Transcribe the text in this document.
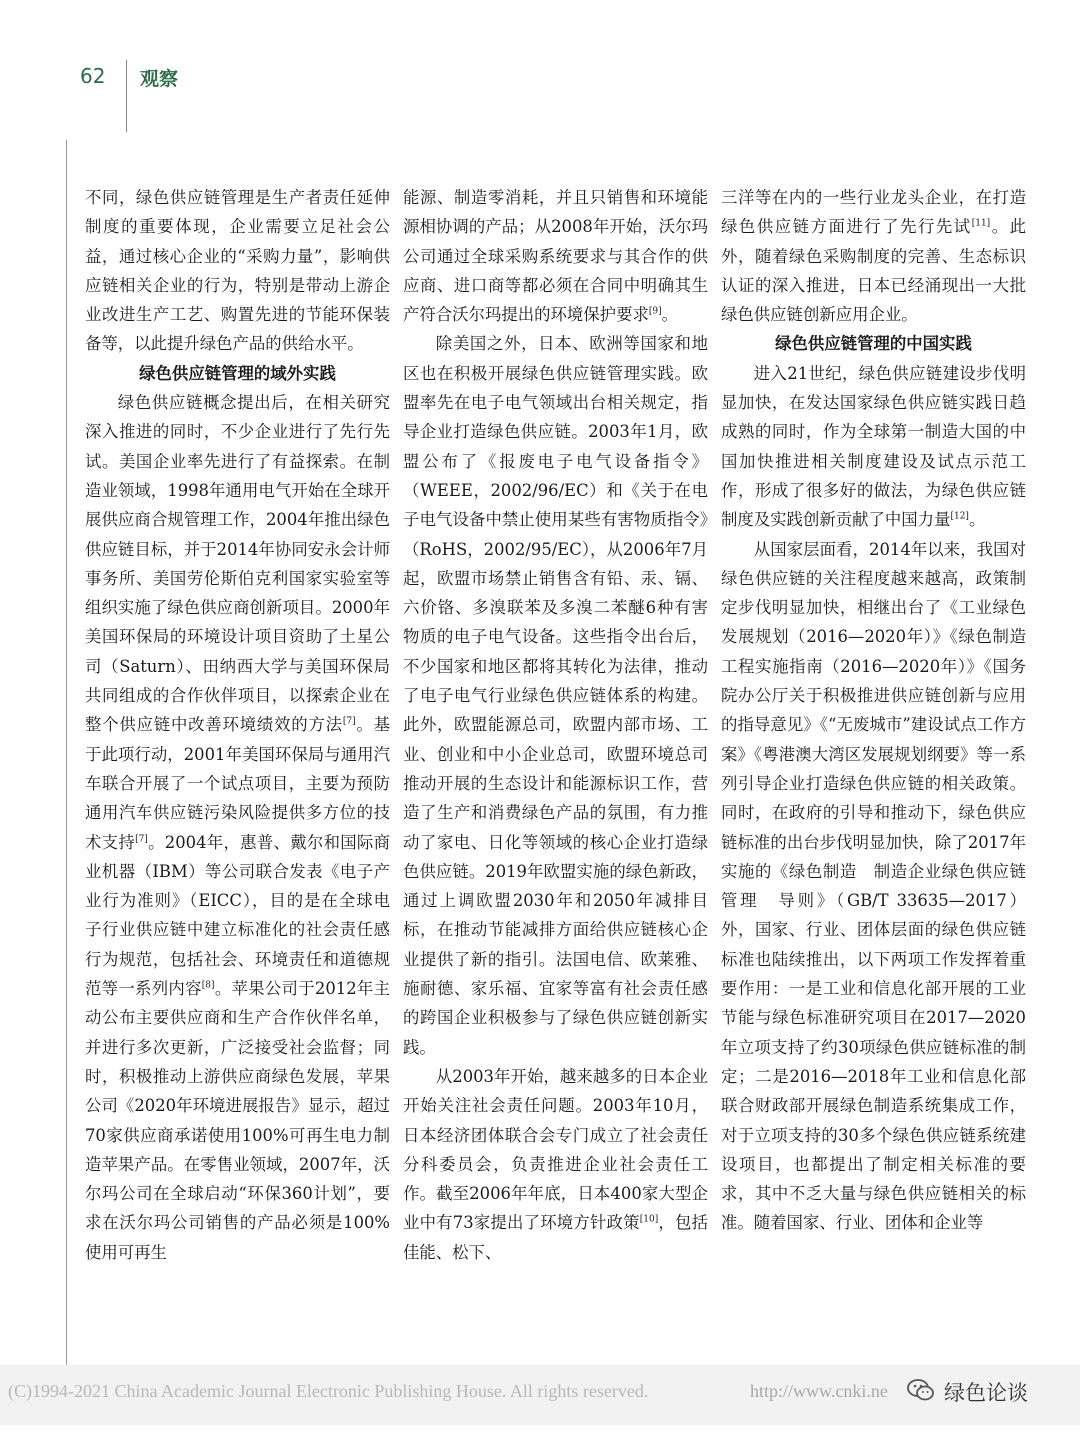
62 观察

不同，绿色供应链管理是生产者责任延伸制度的重要体现，企业需要立足社会公益，通过核心企业的“采购力量”，影响供应链相关企业的行为，特别是带动上游企业改进生产工艺、购置先进的节能环保装备等，以此提升绿色产品的供给水平。

绿色供应链管理的域外实践

绿色供应链概念提出后，在相关研究深入推进的同时，不少企业进行了先行先试。美国企业率先进行了有益探索。在制造业领域，1998年通用电气开始在全球开展供应商合规管理工作，2004年推出绿色供应链目标，并于2014年协同安永会计师事务所、美国劳伦斯伯克利国家实验室等组织实施了绿色供应商创新项目。2000年美国环保局的环境设计项目资助了土星公司（Saturn）、田纳西大学与美国环保局共同组成的合作伙伴项目，以探索企业在整个供应链中改善环境绩效的方法[7]。基于此项行动，2001年美国环保局与通用汽车联合开展了一个试点项目，主要为预防通用汽车供应链污染风险提供多方位的技术支持[7]。2004年，惠普、戴尔和国际商业机器（IBM）等公司联合发表《电子产业行为准则》（EICC），目的是在全球电子行业供应链中建立标准化的社会责任感行为规范，包括社会、环境责任和道德规范等一系列内容[8]。苹果公司于2012年主动公布主要供应商和生产合作伙伴名单，并进行多次更新，广泛接受社会监督；同时，积极推动上游供应商绿色发展，苹果公司《2020年环境进展报告》显示，超过70家供应商承诺使用100%可再生电力制造苹果产品。在零售业领域，2007年，沃尔玛公司在全球启动“环保360计划”，要求在沃尔玛公司销售的产品必须是100%使用可再生

能源、制造零消耗，并且只销售和环境能源相协调的产品；从2008年开始，沃尔玛公司通过全球采购系统要求与其合作的供应商、进口商等都必须在合同中明确其生产符合沃尔玛提出的环境保护要求[9]。

除美国之外，日本、欧洲等国家和地区也在积极开展绿色供应链管理实践。欧盟率先在电子电气领域出台相关规定，指导企业打造绿色供应链。2003年1月，欧盟公布了《报废电子电气设备指令》（WEEE，2002/96/EC）和《关于在电子电气设备中禁止使用某些有害物质指令》（RoHS，2002/95/EC），从2006年7月起，欧盟市场禁止销售含有铅、汞、镉、六价铬、多溴联苯及多溴二苯醚6种有害物质的电子电气设备。这些指令出台后，不少国家和地区都将其转化为法律，推动了电子电气行业绿色供应链体系的构建。此外，欧盟能源总司，欧盟内部市场、工业、创业和中小企业总司，欧盟环境总司推动开展的生态设计和能源标识工作，营造了生产和消费绿色产品的氛围，有力推动了家电、日化等领域的核心企业打造绿色供应链。2019年欧盟实施的绿色新政，通过上调欧盟2030年和2050年减排目标，在推动节能减排方面给供应链核心企业提供了新的指引。法国电信、欧莱雅、施耐德、家乐福、宜家等富有社会责任感的跨国企业积极参与了绿色供应链创新实践。

从2003年开始，越来越多的日本企业开始关注社会责任问题。2003年10月，日本经济团体联合会专门成立了社会责任分科委员会，负责推进企业社会责任工作。截至2006年年底，日本400家大型企业中有73家提出了环境方针政策[10]，包括佳能、松下、

三洋等在内的一些行业龙头企业，在打造绿色供应链方面进行了先行先试[11]。此外，随着绿色采购制度的完善、生态标识认证的深入推进，日本已经涌现出一大批绿色供应链创新应用企业。

绿色供应链管理的中国实践

进入21世纪，绿色供应链建设步伐明显加快，在发达国家绿色供应链实践日趋成熟的同时，作为全球第一制造大国的中国加快推进相关制度建设及试点示范工作，形成了很多好的做法，为绿色供应链制度及实践创新贡献了中国力量[12]。

从国家层面看，2014年以来，我国对绿色供应链的关注程度越来越高，政策制定步伐明显加快，相继出台了《工业绿色发展规划（2016—2020年）》《绿色制造工程实施指南（2016—2020年）》《国务院办公厅关于积极推进供应链创新与应用的指导意见》《“无废城市”建设试点工作方案》《粤港澳大湾区发展规划纲要》等一系列引导企业打造绿色供应链的相关政策。同时，在政府的引导和推动下，绿色供应链标准的出台步伐明显加快，除了2017年实施的《绿色制造　制造企业绿色供应链管理　导则》（GB/T 33635—2017）外，国家、行业、团体层面的绿色供应链标准也陆续推出，以下两项工作发挥着重要作用：一是工业和信息化部开展的工业节能与绿色标准研究项目在2017—2020年立项支持了约30项绿色供应链标准的制定；二是2016—2018年工业和信息化部联合财政部开展绿色制造系统集成工作，对于立项支持的30多个绿色供应链系统建设项目，也都提出了制定相关标准的要求，其中不乏大量与绿色供应链相关的标准。随着国家、行业、团体和企业等

(C)1994-2021 China Academic Journal Electronic Publishing House. All rights reserved.	http://www.cnki.ne	绿色论谈
